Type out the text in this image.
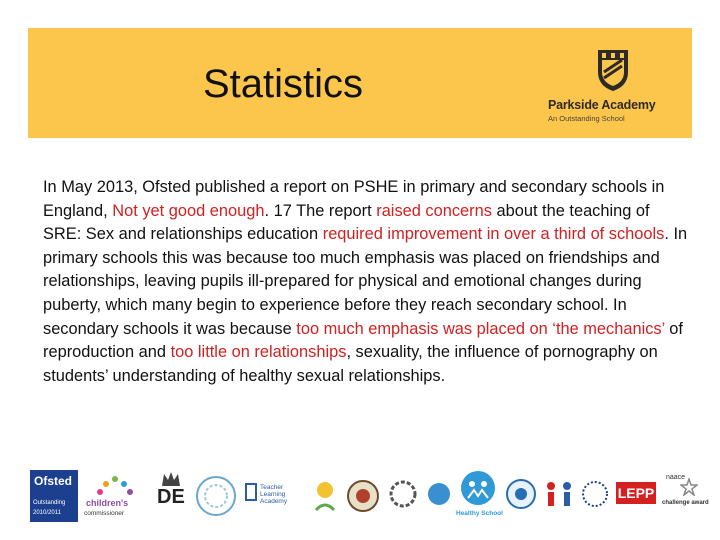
Statistics	Parkside Academy
An Outstanding School
In May 2013, Ofsted published a report on PSHE in primary and secondary schools in England, Not yet good enough. 17 The report raised concerns about the teaching of SRE: Sex and relationships education required improvement in over a third of schools. In primary schools this was because too much emphasis was placed on friendships and relationships, leaving pupils ill-prepared for physical and emotional changes during puberty, which many begin to experience before they reach secondary school. In secondary schools it was because too much emphasis was placed on ‘the mechanics’ of reproduction and too little on relationships, sexuality, the influence of pornography on students’ understanding of healthy sexual relationships.
Ofsted
Outstanding
2010/2011
children's
commissioner
DE	Teacher Learning Academy
Healthy School
LEPP
naace
challenge award
